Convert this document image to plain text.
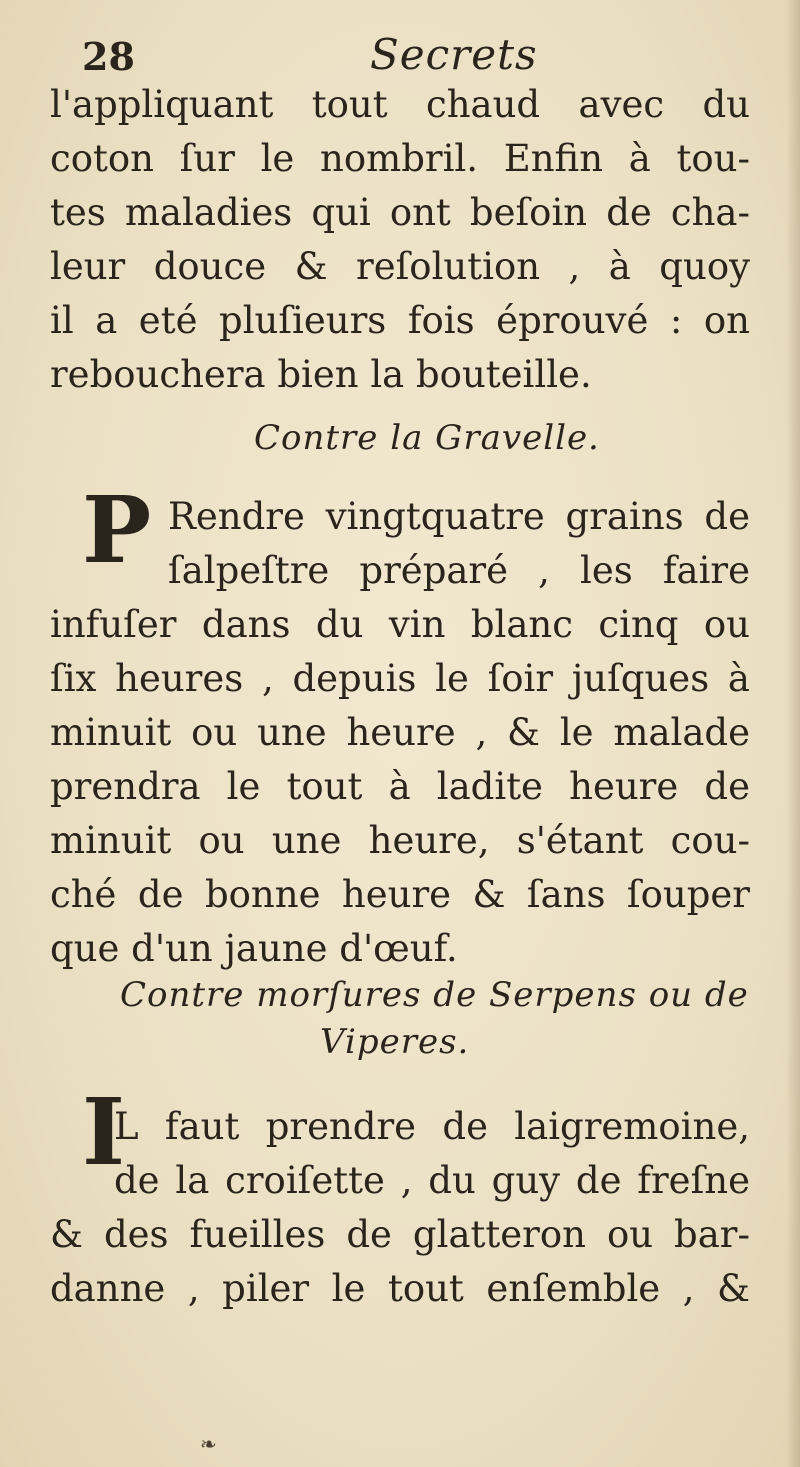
28	Secrets
l'appliquant tout chaud avec du
coton ſur le nombril. Enfin à tou-
tes maladies qui ont beſoin de cha-
leur douce & reſolution , à quoy
il a eté pluſieurs fois éprouvé : on
rebouchera bien la bouteille.
Contre la Gravelle.
P Rendre vingtquatre grains de
ſalpeſtre préparé , les faire
infuſer dans du vin blanc cinq ou
ſix heures , depuis le ſoir juſques à
minuit ou une heure , & le malade
prendra le tout à ladite heure de
minuit ou une heure, s'étant cou-
ché de bonne heure & ſans ſouper
que d'un jaune d'œuf.
Contre morſures de Serpens ou de
Viperes.
I
L faut prendre de laigremoine,
de la croiſette , du guy de freſne
& des fueilles de glatteron ou bar-
danne , piler le tout enſemble , &
❧
